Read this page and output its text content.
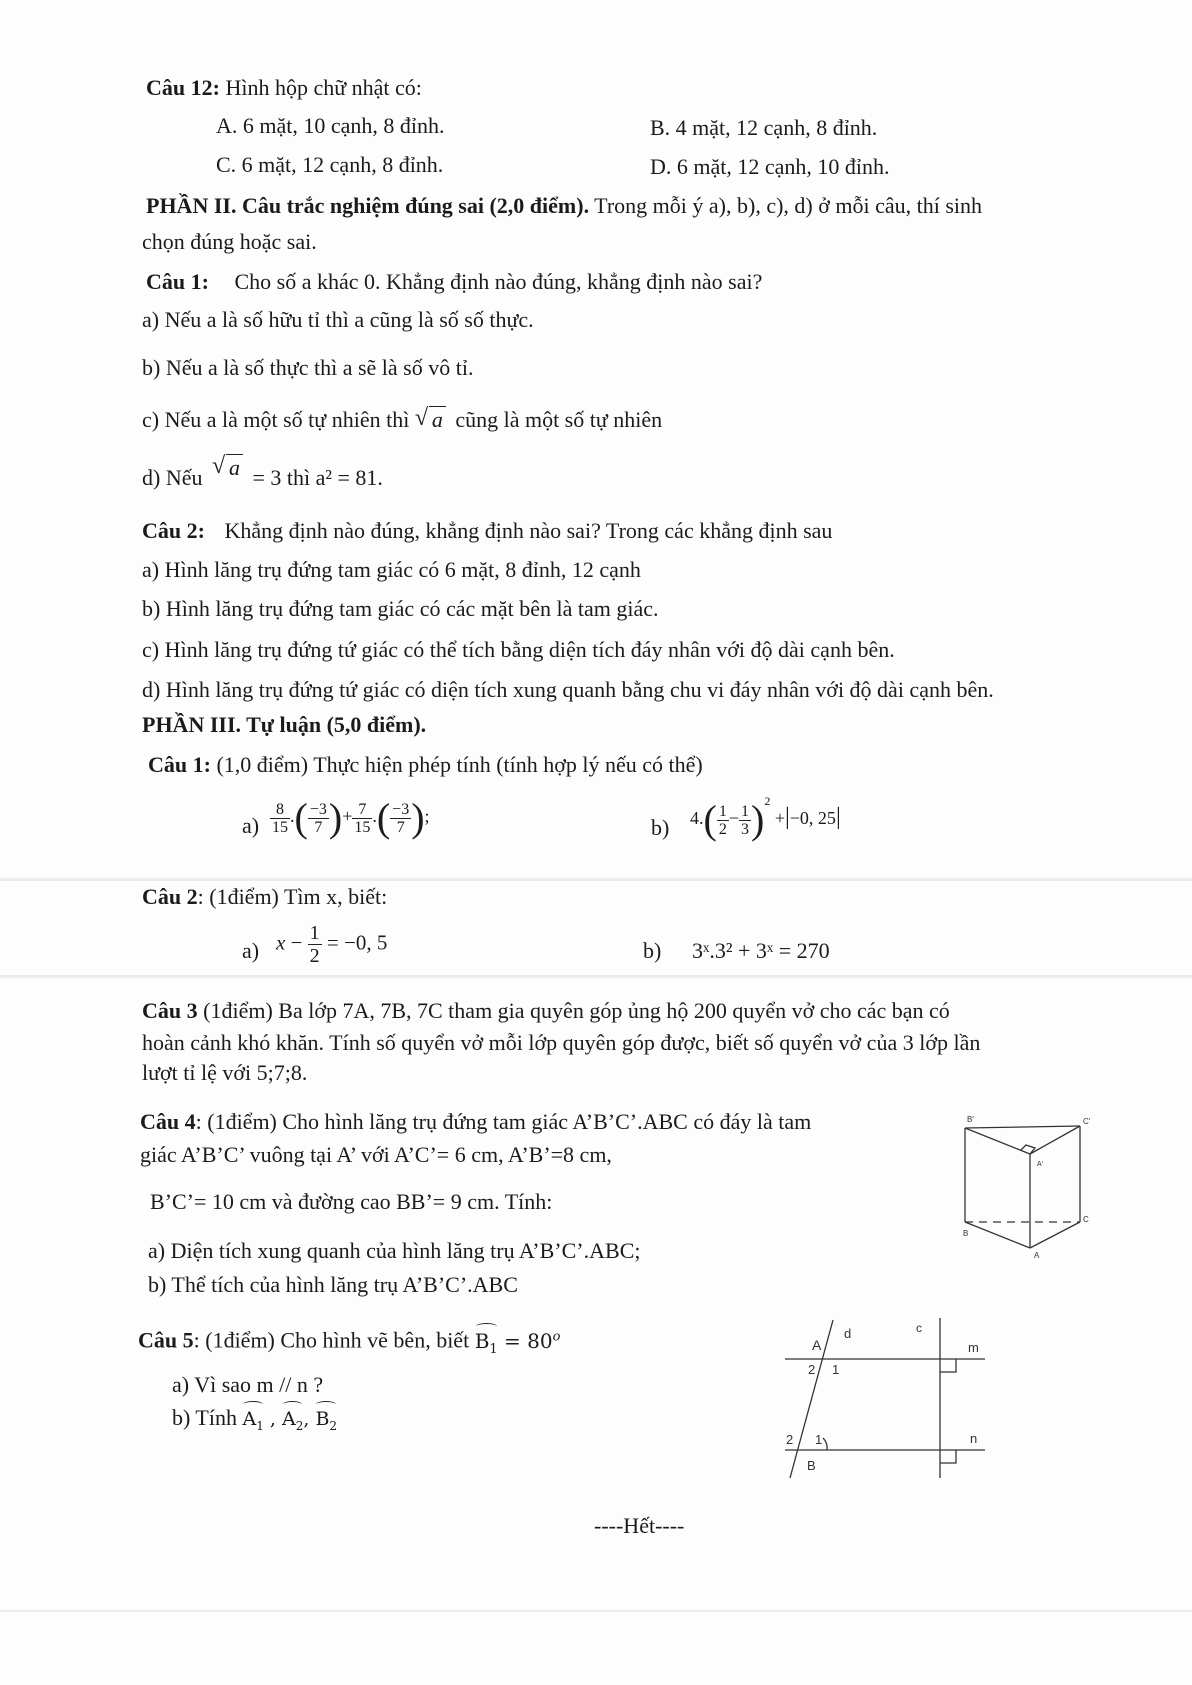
Câu 12: Hình hộp chữ nhật có:
A. 6 mặt, 10 cạnh, 8 đỉnh.	B. 4 mặt, 12 cạnh, 8 đỉnh.
C. 6 mặt, 12 cạnh, 8 đỉnh.	D. 6 mặt, 12 cạnh, 10 đỉnh.
PHẦN II. Câu trắc nghiệm đúng sai (2,0 điểm). Trong mỗi ý a), b), c), d) ở mỗi câu, thí sinh
chọn đúng hoặc sai.
Câu 1: Cho số a khác 0. Khẳng định nào đúng, khẳng định nào sai?
a) Nếu a là số hữu tỉ thì a cũng là số số thực.
b) Nếu a là số thực thì a sẽ là số vô tỉ.
c) Nếu a là một số tự nhiên thì √ a cũng là một số tự nhiên
d) Nếu √ a = 3 thì a² = 81.
Câu 2: Khẳng định nào đúng, khẳng định nào sai? Trong các khẳng định sau
a) Hình lăng trụ đứng tam giác có 6 mặt, 8 đỉnh, 12 cạnh
b) Hình lăng trụ đứng tam giác có các mặt bên là tam giác.
c) Hình lăng trụ đứng tứ giác có thể tích bằng diện tích đáy nhân với độ dài cạnh bên.
d) Hình lăng trụ đứng tứ giác có diện tích xung quanh bằng chu vi đáy nhân với độ dài cạnh bên.
PHẦN III. Tự luận (5,0 điểm).
Câu 1: (1,0 điểm) Thực hiện phép tính (tính hợp lý nếu có thể)
$a) \frac{8}{15}$ .( $\frac{-3}{7}$ )+ $\frac{7}{15}$ .( $\frac{-3}{7}$ );	b) $4.( \frac{1}{2} - \frac{1}{3} )^2 +|-0$, 25|
Câu 2: (1điểm) Tìm x, biết:
a) $x - \frac{1}{2} = -0$, 5	b) 3ˣ.3² + 3ˣ = 270
Câu 3 (1điểm) Ba lớp 7A, 7B, 7C tham gia quyên góp ủng hộ 200 quyển vở cho các bạn có
hoàn cảnh khó khăn. Tính số quyển vở mỗi lớp quyên góp được, biết số quyển vở của 3 lớp lần
lượt tỉ lệ với 5;7;8.
Câu 4: (1điểm) Cho hình lăng trụ đứng tam giác A’B’C’.ABC có đáy là tam
giác A’B’C’ vuông tại A’ với A’C’= 6 cm, A’B’=8 cm,
B’C’= 10 cm và đường cao BB’= 9 cm. Tính:
a) Diện tích xung quanh của hình lăng trụ A’B’C’.ABC;
b) Thể tích của hình lăng trụ A’B’C’.ABC
B'	C'
A'
B
C
A
Câu 5: (1điểm) Cho hình vẽ bên, biết $B_1 = 80^o$
a) Vì sao m // n ?
b) Tính $A_1$ , $A_2$, $B_2$
A
d	c
m
2 1
2 1	n
B
----Hết----
